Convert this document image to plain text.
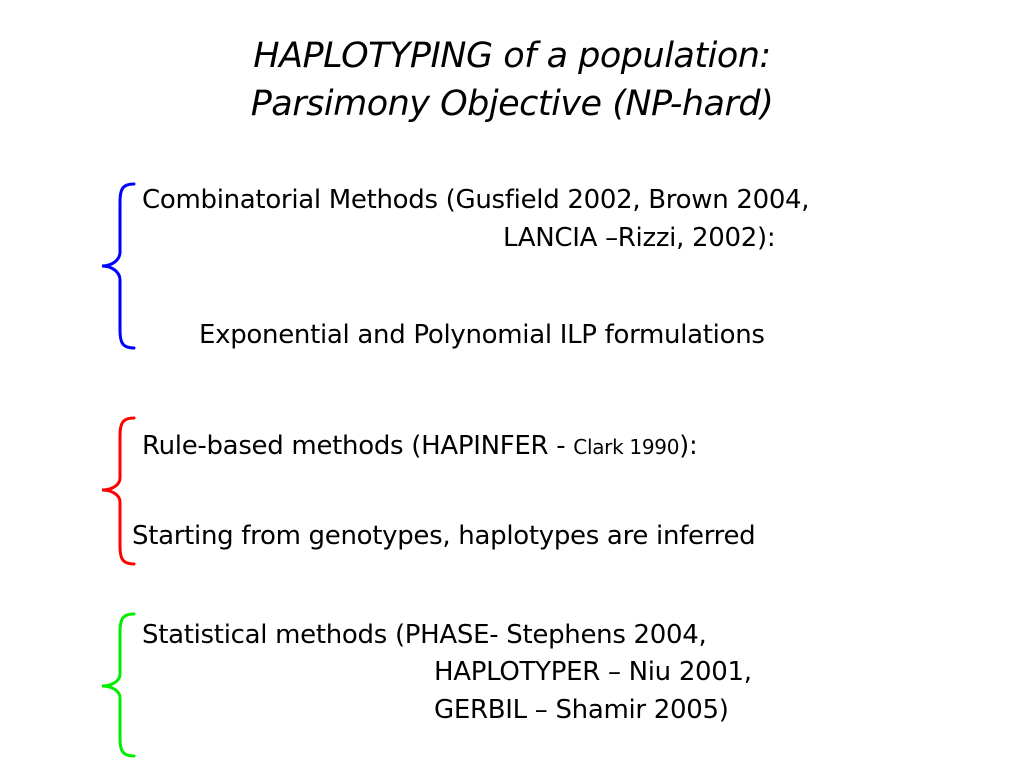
HAPLOTYPING of a population:
Parsimony Objective (NP-hard)
Combinatorial Methods (Gusfield 2002, Brown 2004,
LANCIA –Rizzi, 2002):
Exponential and Polynomial ILP formulations
Rule-based methods (HAPINFER - Clark 1990):
Starting from genotypes, haplotypes are inferred
Statistical methods (PHASE- Stephens 2004,
HAPLOTYPER – Niu 2001,
GERBIL – Shamir 2005)
